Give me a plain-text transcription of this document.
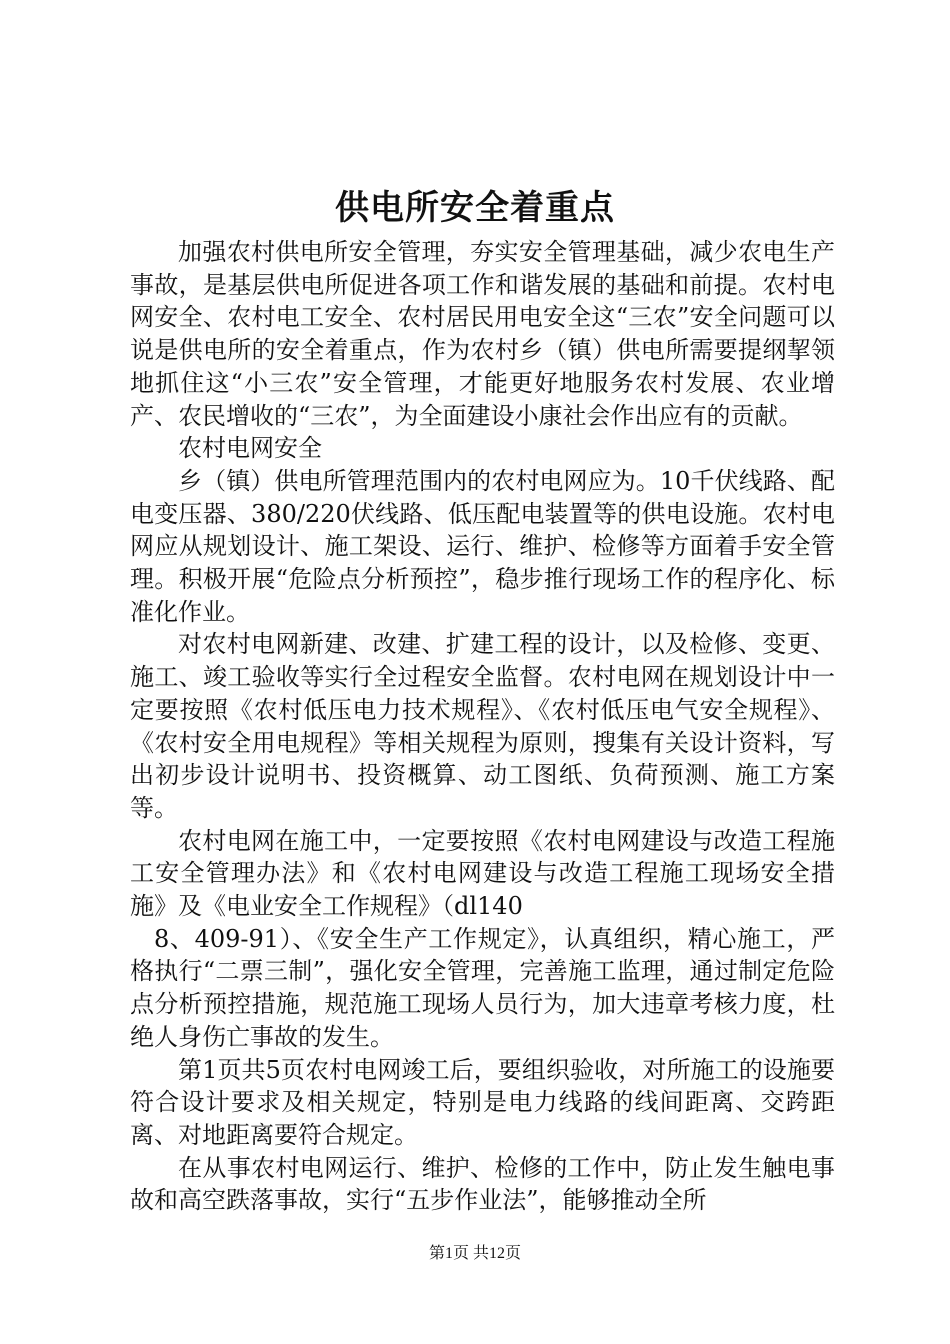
供电所安全着重点

加强农村供电所安全管理，夯实安全管理基础，减少农电生产事故，是基层供电所促进各项工作和谐发展的基础和前提。农村电网安全、农村电工安全、农村居民用电安全这“三农”安全问题可以说是供电所的安全着重点，作为农村乡（镇）供电所需要提纲挈领地抓住这“小三农”安全管理，才能更好地服务农村发展、农业增产、农民增收的“三农”，为全面建设小康社会作出应有的贡献。

农村电网安全

乡（镇）供电所管理范围内的农村电网应为。10千伏线路、配电变压器、380/220伏线路、低压配电装置等的供电设施。农村电网应从规划设计、施工架设、运行、维护、检修等方面着手安全管理。积极开展“危险点分析预控”，稳步推行现场工作的程序化、标准化作业。

对农村电网新建、改建、扩建工程的设计，以及检修、变更、施工、竣工验收等实行全过程安全监督。农村电网在规划设计中一定要按照《农村低压电力技术规程》、《农村低压电气安全规程》、《农村安全用电规程》等相关规程为原则，搜集有关设计资料，写出初步设计说明书、投资概算、动工图纸、负荷预测、施工方案等。

农村电网在施工中，一定要按照《农村电网建设与改造工程施工安全管理办法》和《农村电网建设与改造工程施工现场安全措施》及《电业安全工作规程》（dl140

8、409-91）、《安全生产工作规定》，认真组织，精心施工，严格执行“二票三制”，强化安全管理，完善施工监理，通过制定危险点分析预控措施，规范施工现场人员行为，加大违章考核力度，杜绝人身伤亡事故的发生。

第1页共5页农村电网竣工后，要组织验收，对所施工的设施要符合设计要求及相关规定，特别是电力线路的线间距离、交跨距离、对地距离要符合规定。

在从事农村电网运行、维护、检修的工作中，防止发生触电事故和高空跌落事故，实行“五步作业法”，能够推动全所

第1页 共12页
